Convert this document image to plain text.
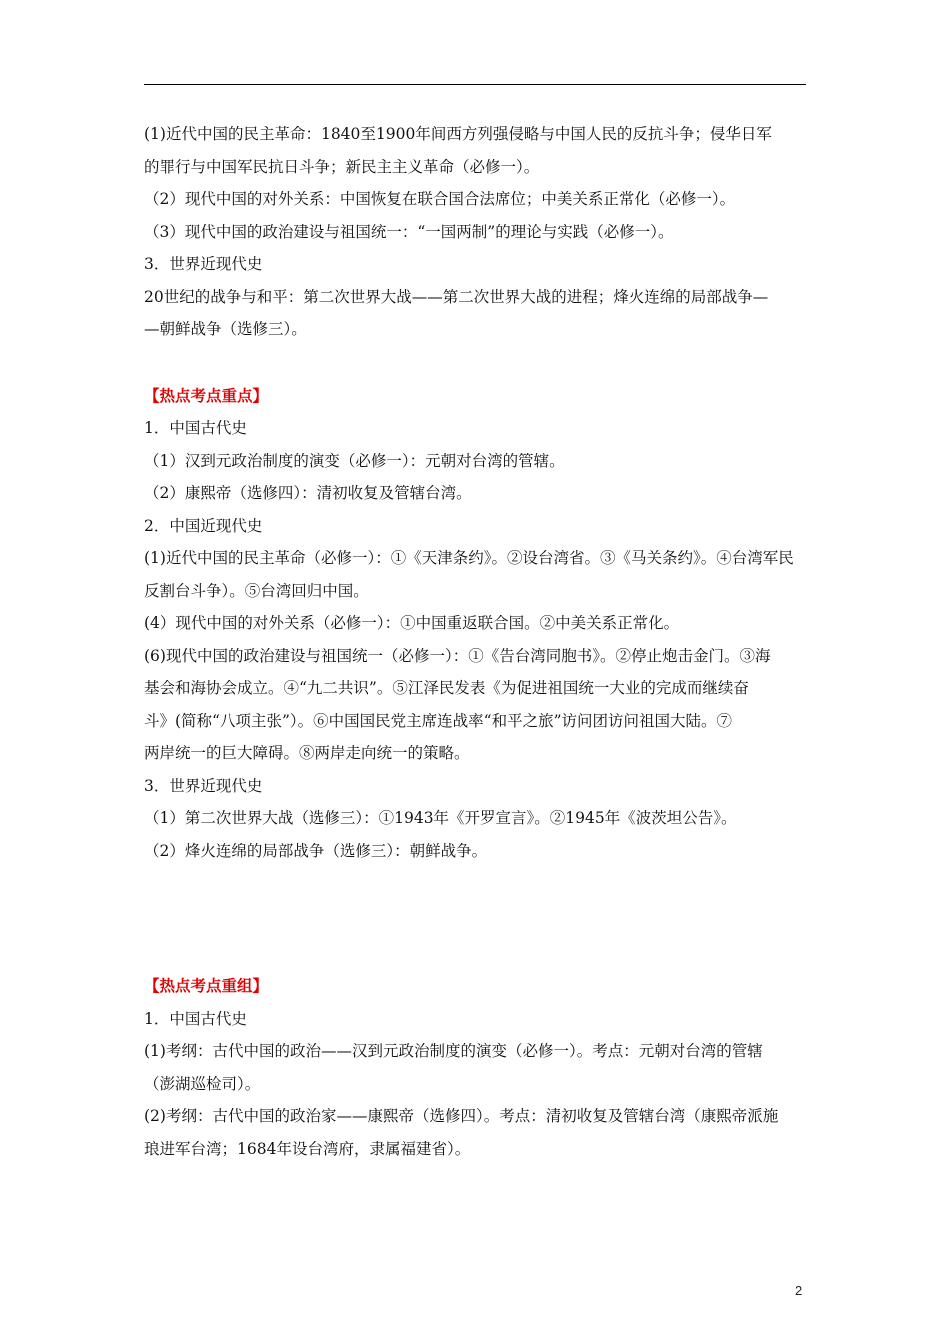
(1)近代中国的民主革命：1840至1900年间西方列强侵略与中国人民的反抗斗争；侵华日军
的罪行与中国军民抗日斗争；新民主主义革命（必修一）。
（2）现代中国的对外关系：中国恢复在联合国合法席位；中美关系正常化（必修一）。
（3）现代中国的政治建设与祖国统一：“一国两制”的理论与实践（必修一）。
3．世界近现代史
20世纪的战争与和平：第二次世界大战——第二次世界大战的进程；烽火连绵的局部战争—
—朝鲜战争（选修三）。
【热点考点重点】
1．中国古代史
（1）汉到元政治制度的演变（必修一）：元朝对台湾的管辖。
（2）康熙帝（选修四）：清初收复及管辖台湾。
2．中国近现代史
(1)近代中国的民主革命（必修一）：①《天津条约》。②设台湾省。③《马关条约》。④台湾军民
反割台斗争）。⑤台湾回归中国。
(4）现代中国的对外关系（必修一）：①中国重返联合国。②中美关系正常化。
(6)现代中国的政治建设与祖国统一（必修一）：①《告台湾同胞书》。②停止炮击金门。③海
基会和海协会成立。④“九二共识”。⑤江泽民发表《为促进祖国统一大业的完成而继续奋
斗》(简称“八项主张”）。⑥中国国民党主席连战率“和平之旅”访问团访问祖国大陆。⑦
两岸统一的巨大障碍。⑧两岸走向统一的策略。
3．世界近现代史
（1）第二次世界大战（选修三）：①1943年《开罗宣言》。②1945年《波茨坦公告》。
（2）烽火连绵的局部战争（选修三）：朝鲜战争。
【热点考点重组】
1．中国古代史
(1)考纲：古代中国的政治——汉到元政治制度的演变（必修一）。考点：元朝对台湾的管辖
（澎湖巡检司）。
(2)考纲：古代中国的政治家——康熙帝（选修四）。考点：清初收复及管辖台湾（康熙帝派施
琅进军台湾；1684年设台湾府，隶属福建省）。
2
